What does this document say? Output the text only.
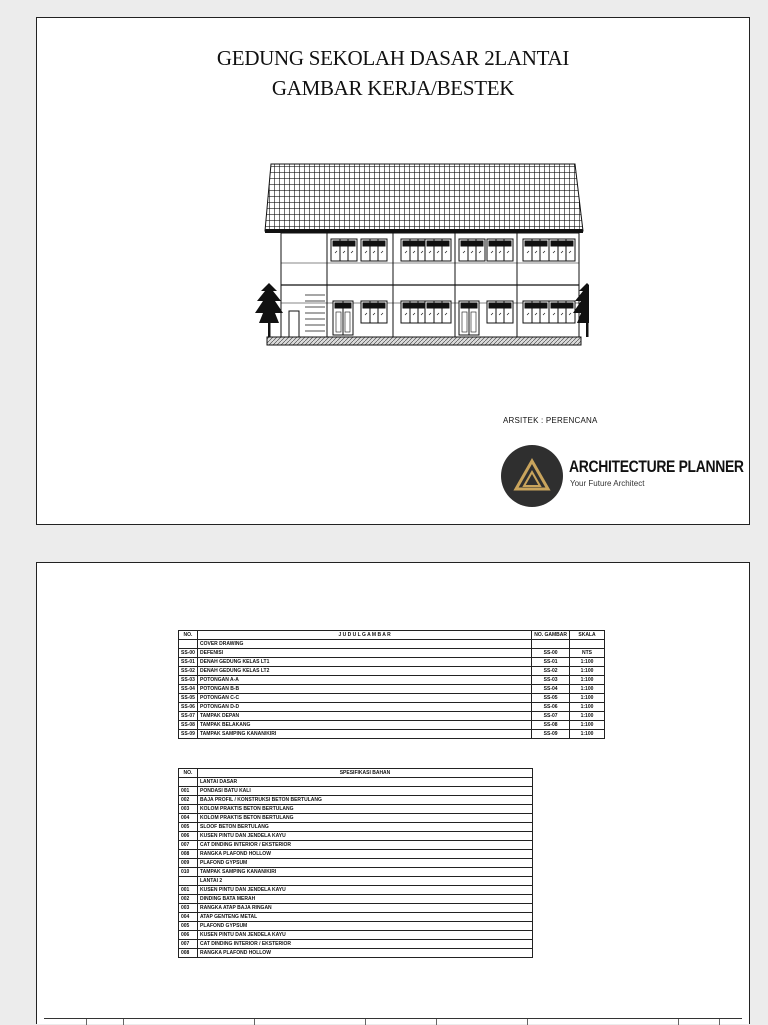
GEDUNG SEKOLAH DASAR 2LANTAI
GAMBAR KERJA/BESTEK
ARSITEK : PERENCANA
ARCHITECTURE PLANNER
Your Future Architect
NO.	J U D U L G A M B A R	NO. GAMBAR	SKALA
	COVER DRAWING		
SS-00	DEFENISI	SS-00	NTS
SS-01	DENAH GEDUNG KELAS LT1	SS-01	1:100
SS-02	DENAH GEDUNG KELAS LT2	SS-02	1:100
SS-03	POTONGAN A-A	SS-03	1:100
SS-04	POTONGAN B-B	SS-04	1:100
SS-05	POTONGAN C-C	SS-05	1:100
SS-06	POTONGAN D-D	SS-06	1:100
SS-07	TAMPAK DEPAN	SS-07	1:100
SS-08	TAMPAK BELAKANG	SS-08	1:100
SS-09	TAMPAK SAMPING KANAN/KIRI	SS-09	1:100
NO.	SPESIFIKASI BAHAN
	LANTAI DASAR
001	PONDASI BATU KALI
002	BAJA PROFIL / KONSTRUKSI BETON BERTULANG
003	KOLOM PRAKTIS BETON BERTULANG
004	KOLOM PRAKTIS BETON BERTULANG
005	SLOOF BETON BERTULANG
006	KUSEN PINTU DAN JENDELA KAYU
007	CAT DINDING INTERIOR / EKSTERIOR
008	RANGKA PLAFOND HOLLOW
009	PLAFOND GYPSUM
010	TAMPAK SAMPING KANAN/KIRI
	LANTAI 2
001	KUSEN PINTU DAN JENDELA KAYU
002	DINDING BATA MERAH
003	RANGKA ATAP BAJA RINGAN
004	ATAP GENTENG METAL
005	PLAFOND GYPSUM
006	KUSEN PINTU DAN JENDELA KAYU
007	CAT DINDING INTERIOR / EKSTERIOR
008	RANGKA PLAFOND HOLLOW
